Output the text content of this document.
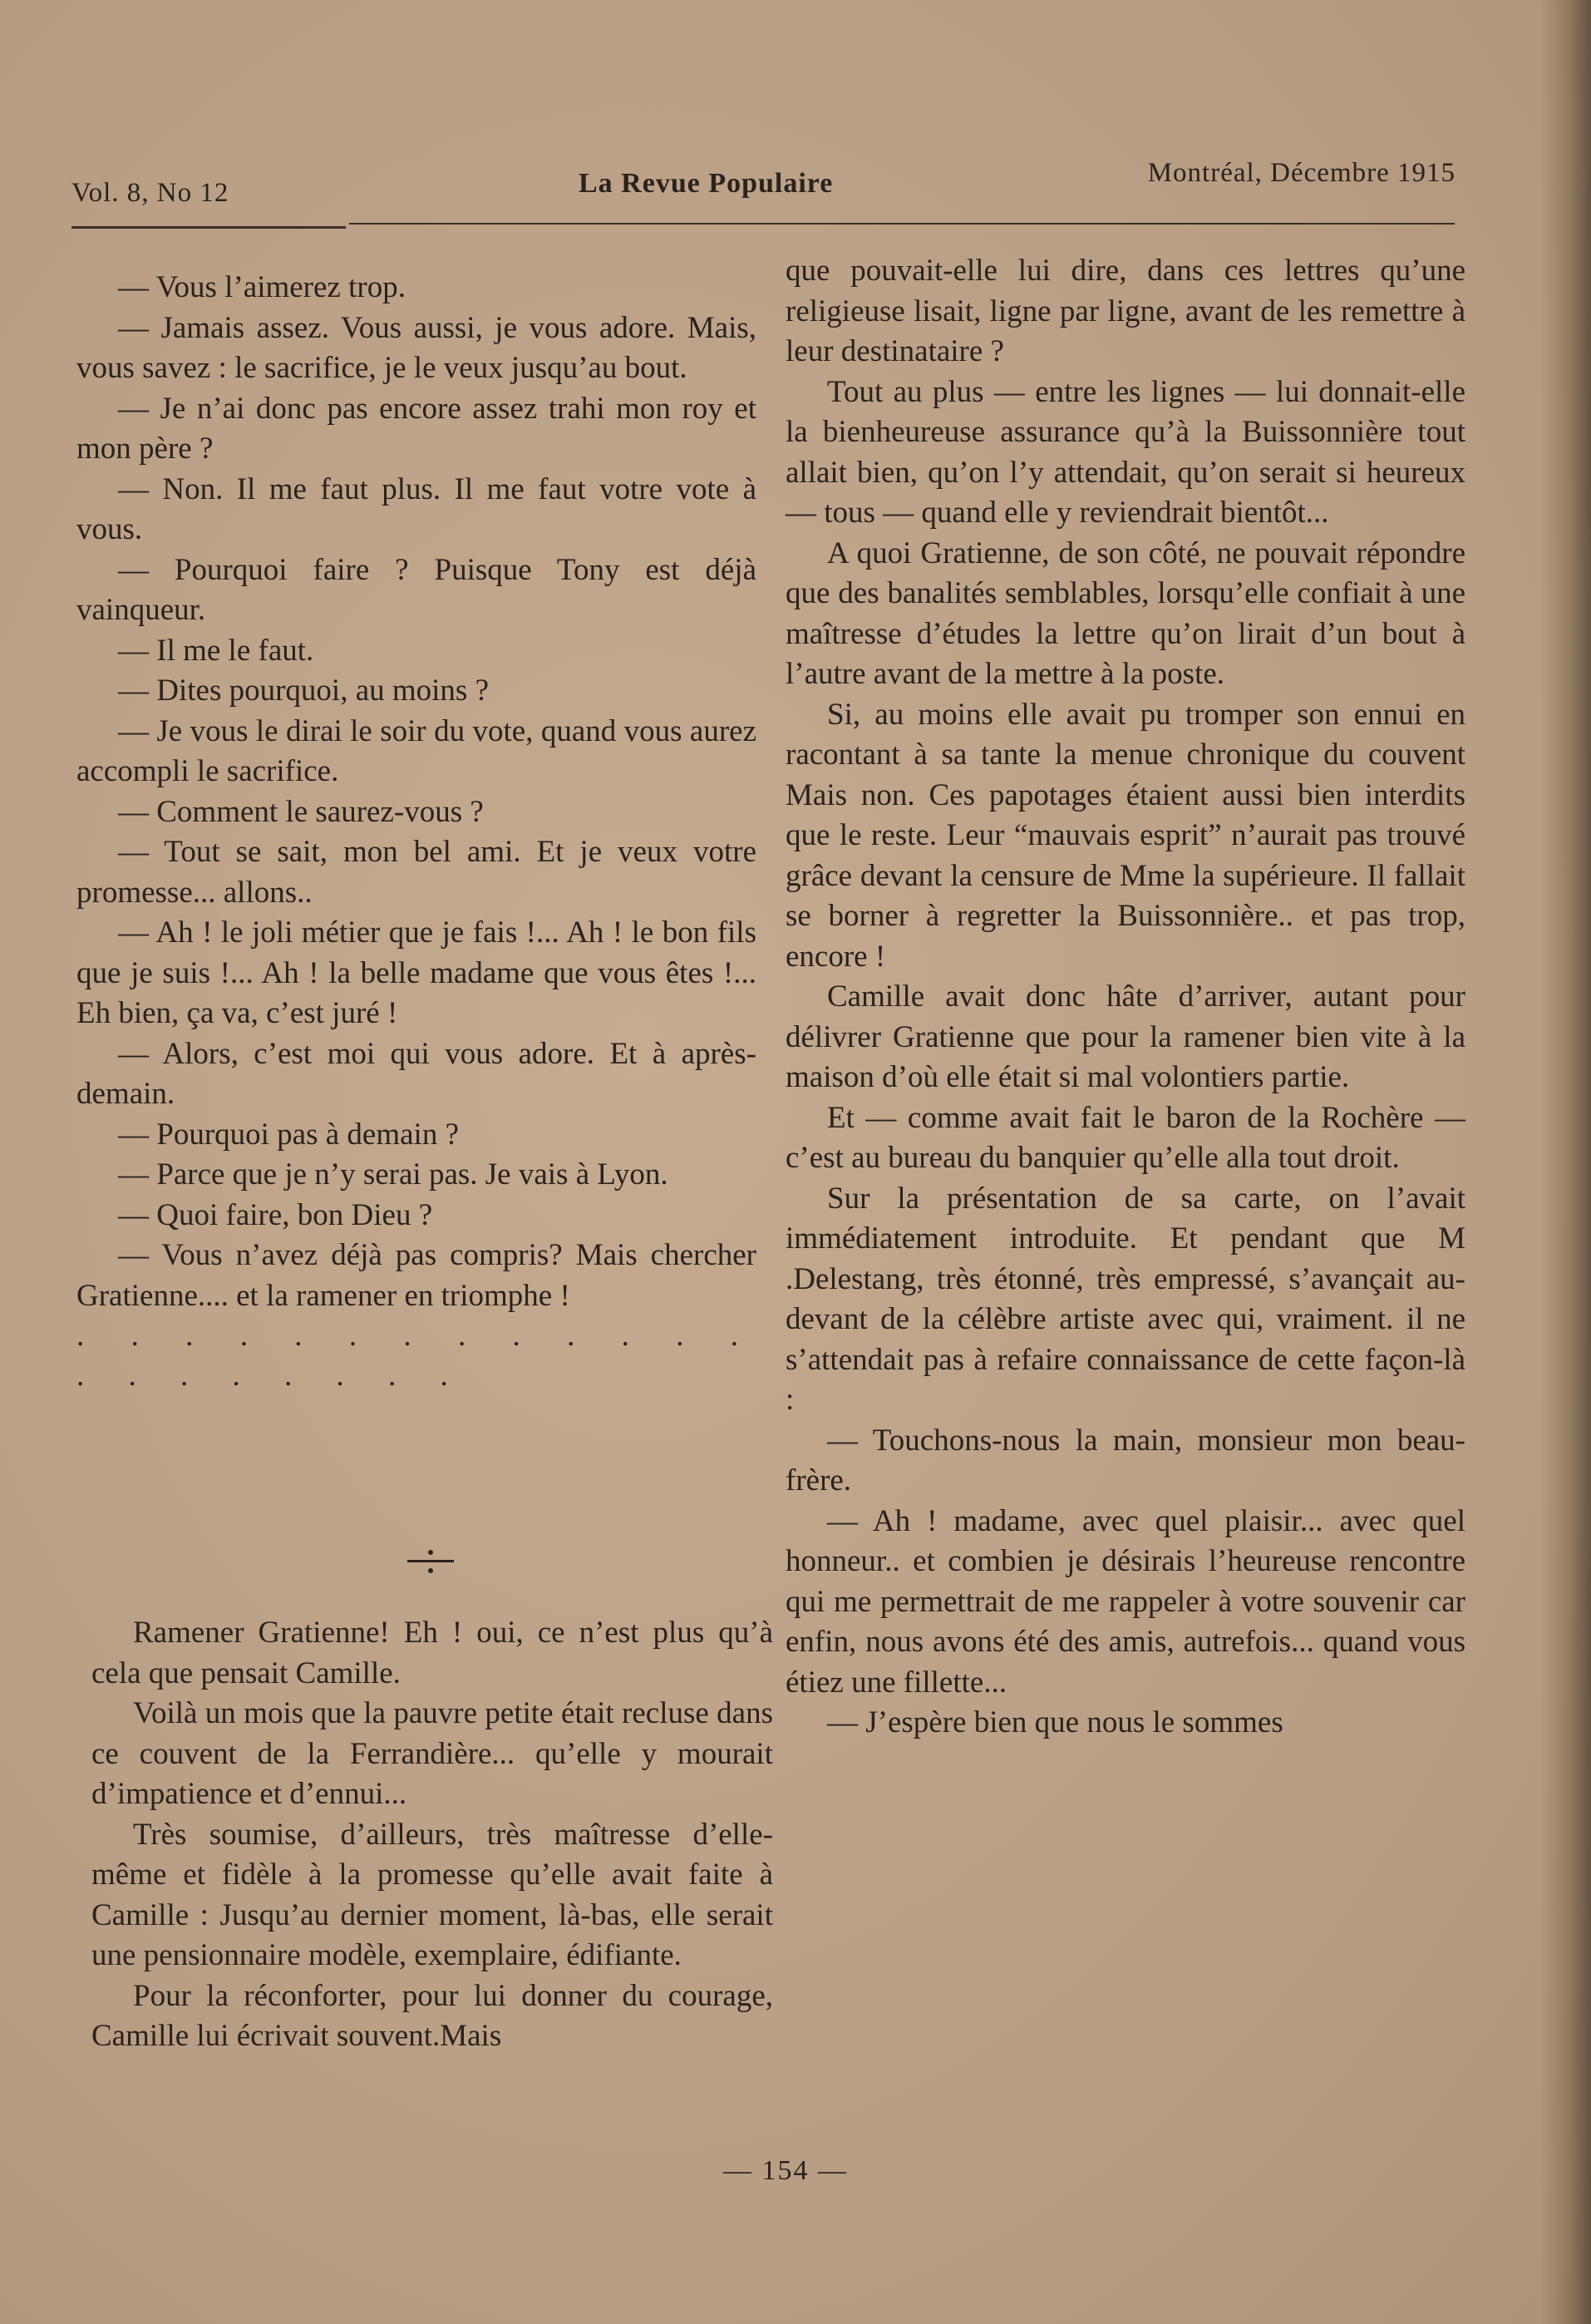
Vol. 8, No 12	La Revue Populaire	Montréal, Décembre 1915

— Vous l’aimerez trop.

— Jamais assez. Vous aussi, je vous adore. Mais, vous savez : le sacrifice, je le veux jusqu’au bout.

— Je n’ai donc pas encore assez trahi mon roy et mon père ?

— Non. Il me faut plus. Il me faut votre vote à vous.

— Pourquoi faire ? Puisque Tony est déjà vainqueur.

— Il me le faut.

— Dites pourquoi, au moins ?

— Je vous le dirai le soir du vote, quand vous aurez accompli le sacrifice.

— Comment le saurez-vous ?

— Tout se sait, mon bel ami. Et je veux votre promesse... allons..

— Ah ! le joli métier que je fais !... Ah ! le bon fils que je suis !... Ah ! la belle madame que vous êtes !... Eh bien, ça va, c’est juré !

— Alors, c’est moi qui vous adore. Et à après-demain.

— Pourquoi pas à demain ?

— Parce que je n’y serai pas. Je vais à Lyon.

— Quoi faire, bon Dieu ?

— Vous n’avez déjà pas compris? Mais chercher Gratienne.... et la ramener en triomphe !

. . . . . . . . . . . . . . . . . . . . .

Ramener Gratienne! Eh ! oui, ce n’est plus qu’à cela que pensait Camille.

Voilà un mois que la pauvre petite était recluse dans ce couvent de la Ferrandière... qu’elle y mourait d’impatience et d’ennui...

Très soumise, d’ailleurs, très maîtresse d’elle-même et fidèle à la promesse qu’elle avait faite à Camille : Jusqu’au dernier moment, là-bas, elle serait une pensionnaire modèle, exemplaire, édifiante.

Pour la réconforter, pour lui donner du courage, Camille lui écrivait souvent.Mais

que pouvait-elle lui dire, dans ces lettres qu’une religieuse lisait, ligne par ligne, avant de les remettre à leur destinataire ?

Tout au plus — entre les lignes — lui donnait-elle la bienheureuse assurance qu’à la Buissonnière tout allait bien, qu’on l’y attendait, qu’on serait si heureux — tous — quand elle y reviendrait bientôt...

A quoi Gratienne, de son côté, ne pouvait répondre que des banalités semblables, lorsqu’elle confiait à une maîtresse d’études la lettre qu’on lirait d’un bout à l’autre avant de la mettre à la poste.

Si, au moins elle avait pu tromper son ennui en racontant à sa tante la menue chronique du couvent Mais non. Ces papotages étaient aussi bien interdits que le reste. Leur “mauvais esprit” n’aurait pas trouvé grâce devant la censure de Mme la supérieure. Il fallait se borner à regretter la Buissonnière.. et pas trop, encore !

Camille avait donc hâte d’arriver, autant pour délivrer Gratienne que pour la ramener bien vite à la maison d’où elle était si mal volontiers partie.

Et — comme avait fait le baron de la Rochère — c’est au bureau du banquier qu’elle alla tout droit.

Sur la présentation de sa carte, on l’avait immédiatement introduite. Et pendant que M .Delestang, très étonné, très empressé, s’avançait au-devant de la célèbre artiste avec qui, vraiment. il ne s’attendait pas à refaire connaissance de cette façon-là :

— Touchons-nous la main, monsieur mon beau-frère.

— Ah ! madame, avec quel plaisir... avec quel honneur.. et combien je désirais l’heureuse rencontre qui me permettrait de me rappeler à votre souvenir car enfin, nous avons été des amis, autrefois... quand vous étiez une fillette...

— J’espère bien que nous le sommes

— 154 —
